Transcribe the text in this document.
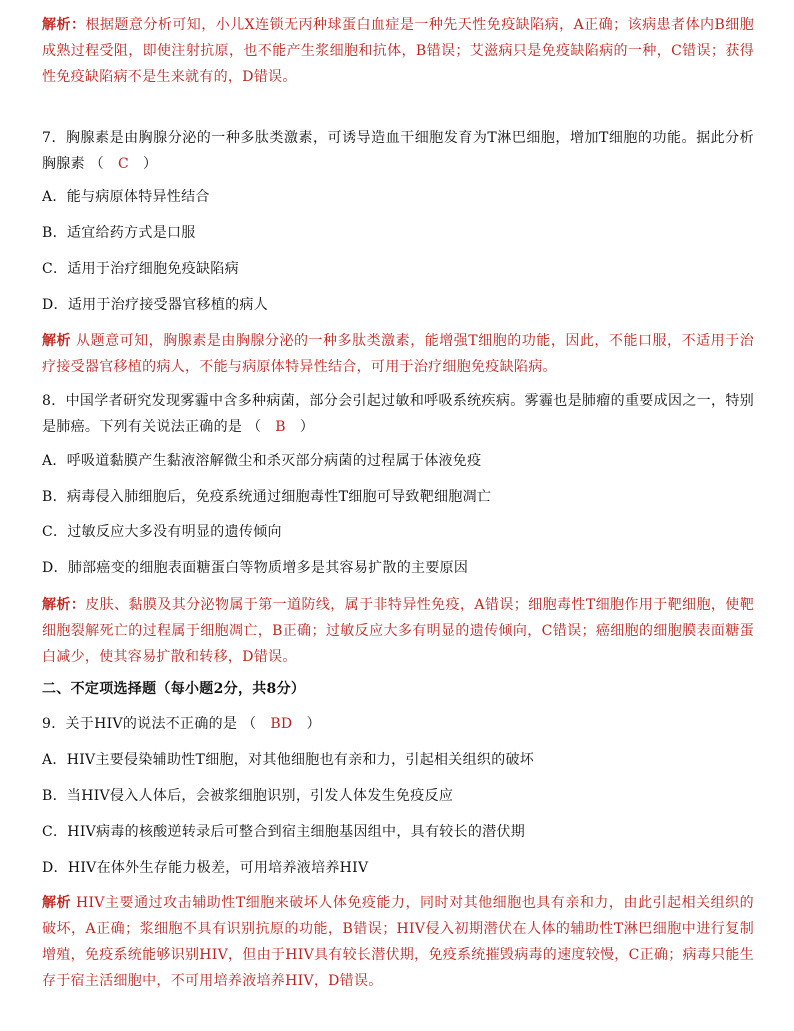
解析：根据题意分析可知，小儿X连锁无丙种球蛋白血症是一种先天性免疫缺陷病，A正确；该病患者体内B细胞成熟过程受阻，即使注射抗原，也不能产生浆细胞和抗体，B错误；艾滋病只是免疫缺陷病的一种，C错误；获得性免疫缺陷病不是生来就有的，D错误。
7．胸腺素是由胸腺分泌的一种多肽类激素，可诱导造血干细胞发育为T淋巴细胞，增加T细胞的功能。据此分析胸腺素 （ C ）
A．能与病原体特异性结合
B．适宜给药方式是口服
C．适用于治疗细胞免疫缺陷病
D．适用于治疗接受器官移植的病人
解析 从题意可知，胸腺素是由胸腺分泌的一种多肽类激素，能增强T细胞的功能，因此，不能口服，不适用于治疗接受器官移植的病人，不能与病原体特异性结合，可用于治疗细胞免疫缺陷病。
8．中国学者研究发现雾霾中含多种病菌，部分会引起过敏和呼吸系统疾病。雾霾也是肺瘤的重要成因之一，特别是肺癌。下列有关说法正确的是 （ B ）
A．呼吸道黏膜产生黏液溶解微尘和杀灭部分病菌的过程属于体液免疫
B．病毒侵入肺细胞后，免疫系统通过细胞毒性T细胞可导致靶细胞凋亡
C．过敏反应大多没有明显的遗传倾向
D．肺部癌变的细胞表面糖蛋白等物质增多是其容易扩散的主要原因
解析：皮肤、黏膜及其分泌物属于第一道防线，属于非特异性免疫，A错误；细胞毒性T细胞作用于靶细胞，使靶细胞裂解死亡的过程属于细胞凋亡，B正确；过敏反应大多有明显的遗传倾向，C错误；癌细胞的细胞膜表面糖蛋白减少，使其容易扩散和转移，D错误。
二、不定项选择题（每小题2分，共8分）
9．关于HIV的说法不正确的是 （ BD ）
A．HIV主要侵染辅助性T细胞，对其他细胞也有亲和力，引起相关组织的破坏
B．当HIV侵入人体后，会被浆细胞识别，引发人体发生免疫反应
C．HIV病毒的核酸逆转录后可整合到宿主细胞基因组中，具有较长的潜伏期
D．HIV在体外生存能力极差，可用培养液培养HIV
解析 HIV主要通过攻击辅助性T细胞来破坏人体免疫能力，同时对其他细胞也具有亲和力，由此引起相关组织的破坏，A正确；浆细胞不具有识别抗原的功能，B错误；HIV侵入初期潜伏在人体的辅助性T淋巴细胞中进行复制增殖，免疫系统能够识别HIV，但由于HIV具有较长潜伏期，免疫系统摧毁病毒的速度较慢，C正确；病毒只能生存于宿主活细胞中，不可用培养液培养HIV，D错误。
